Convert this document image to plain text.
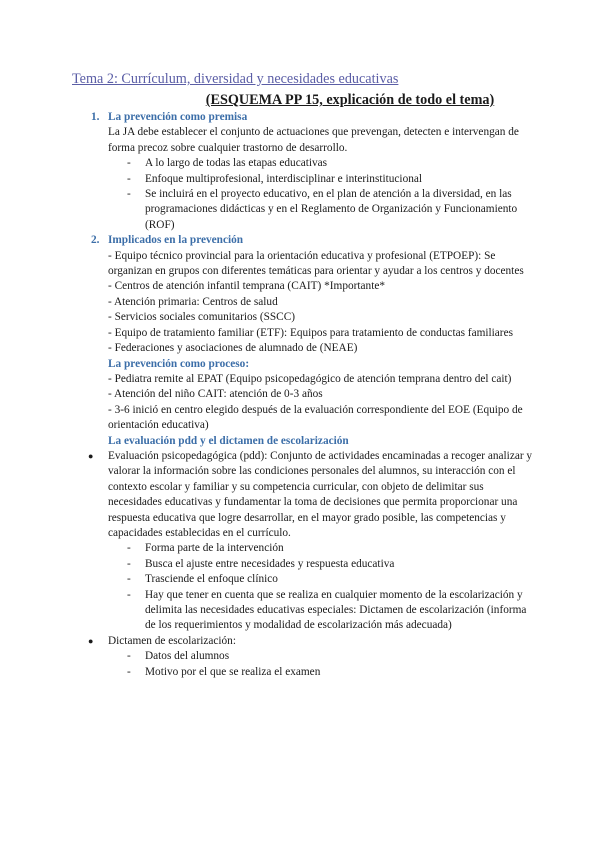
Tema 2: Currículum, diversidad y necesidades educativas
(ESQUEMA PP 15, explicación de todo el tema)
1. La prevención como premisa
La JA debe establecer el conjunto de actuaciones que prevengan, detecten e intervengan de forma precoz sobre cualquier trastorno de desarrollo.
- A lo largo de todas las etapas educativas
- Enfoque multiprofesional, interdisciplinar e interinstitucional
- Se incluirá en el proyecto educativo, en el plan de atención a la diversidad, en las programaciones didácticas y en el Reglamento de Organización y Funcionamiento (ROF)
2. Implicados en la prevención
- Equipo técnico provincial para la orientación educativa y profesional (ETPOEP): Se organizan en grupos con diferentes temáticas para orientar y ayudar a los centros y docentes
- Centros de atención infantil temprana (CAIT) *Importante*
- Atención primaria: Centros de salud
- Servicios sociales comunitarios (SSCC)
- Equipo de tratamiento familiar (ETF): Equipos para tratamiento de conductas familiares
- Federaciones y asociaciones de alumnado de (NEAE)
La prevención como proceso:
- Pediatra remite al EPAT (Equipo psicopedagógico de atención temprana dentro del cait)
- Atención del niño CAIT: atención de 0-3 años
- 3-6 inició en centro elegido después de la evaluación correspondiente del EOE (Equipo de orientación educativa)
La evaluación pdd y el dictamen de escolarización
● Evaluación psicopedagógica (pdd): Conjunto de actividades encaminadas a recoger analizar y valorar la información sobre las condiciones personales del alumnos, su interacción con el contexto escolar y familiar y su competencia curricular, con objeto de delimitar sus necesidades educativas y fundamentar la toma de decisiones que permita proporcionar una respuesta educativa que logre desarrollar, en el mayor grado posible, las competencias y capacidades establecidas en el currículo.
- Forma parte de la intervención
- Busca el ajuste entre necesidades y respuesta educativa
- Trasciende el enfoque clínico
- Hay que tener en cuenta que se realiza en cualquier momento de la escolarización y delimita las necesidades educativas especiales: Dictamen de escolarización (informa de los requerimientos y modalidad de escolarización más adecuada)
● Dictamen de escolarización:
- Datos del alumnos
- Motivo por el que se realiza el examen
